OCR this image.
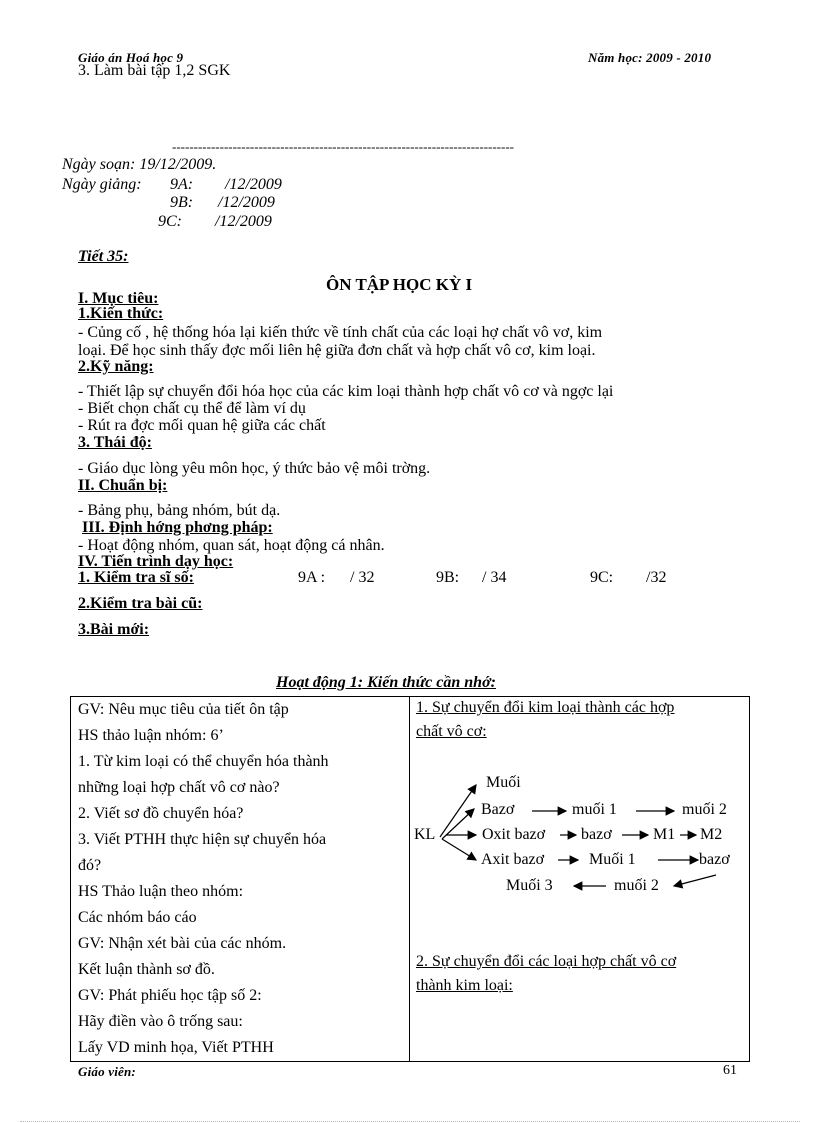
Giáo án Hoá học 9	Năm học: 2009 - 2010
3. Làm bài tập 1,2 SGK
-------------------------------------------------------------------------------
Ngày soạn: 19/12/2009.
Ngày giảng: 9A: /12/2009
9B: /12/2009
9C: /12/2009
Tiết 35:
ÔN TẬP HỌC KỲ I
I. Mục tiêu:
1.Kiến thức:
- Củng cố , hệ thống hóa lại kiến thức về tính chất của các loại hợ chất vô vơ, kim
loại. Để học sinh thấy đợc mối liên hệ giữa đơn chất và hợp chất vô cơ, kim loại.
2.Kỹ năng:
- Thiết lập sự chuyển đổi hóa học của các kim loại thành hợp chất vô cơ và ngợc lại
- Biết chọn chất cụ thể để làm ví dụ
- Rút ra đợc mối quan hệ giữa các chất
3. Thái độ:
- Giáo dục lòng yêu môn học, ý thức bảo vệ môi trờng.
II. Chuẩn bị:
- Bảng phụ, bảng nhóm, bút dạ.
III. Định hớng phơng pháp:
- Hoạt động nhóm, quan sát, hoạt động cá nhân.
IV. Tiến trình dạy học:
1. Kiểm tra sĩ số:	9A : / 32	9B: / 34	9C: /32
2.Kiểm tra bài cũ:
3.Bài mới:
Hoạt động 1: Kiến thức cần nhớ:
GV: Nêu mục tiêu của tiết ôn tập
HS thảo luận nhóm: 6’
1. Từ kim loại có thể chuyển hóa thành
những loại hợp chất vô cơ nào?
2. Viết sơ đồ chuyển hóa?
3. Viết PTHH thực hiện sự chuyển hóa
đó?
HS Thảo luận theo nhóm:
Các nhóm báo cáo
GV: Nhận xét bài của các nhóm.
Kết luận thành sơ đồ.
GV: Phát phiếu học tập số 2:
Hãy điền vào ô trống sau:
Lấy VD minh họa, Viết PTHH

1. Sự chuyển đổi kim loại thành các hợp
chất vô cơ:
KL
Muối
Bazơ	muối 1	muối 2
Oxit bazơ bazơ	M1 M2
Axit bazơ	Muối 1	bazơ
Muối 3	muối 2
2. Sự chuyển đổi các loại hợp chất vô cơ
thành kim loại:
Giáo viên:	61
